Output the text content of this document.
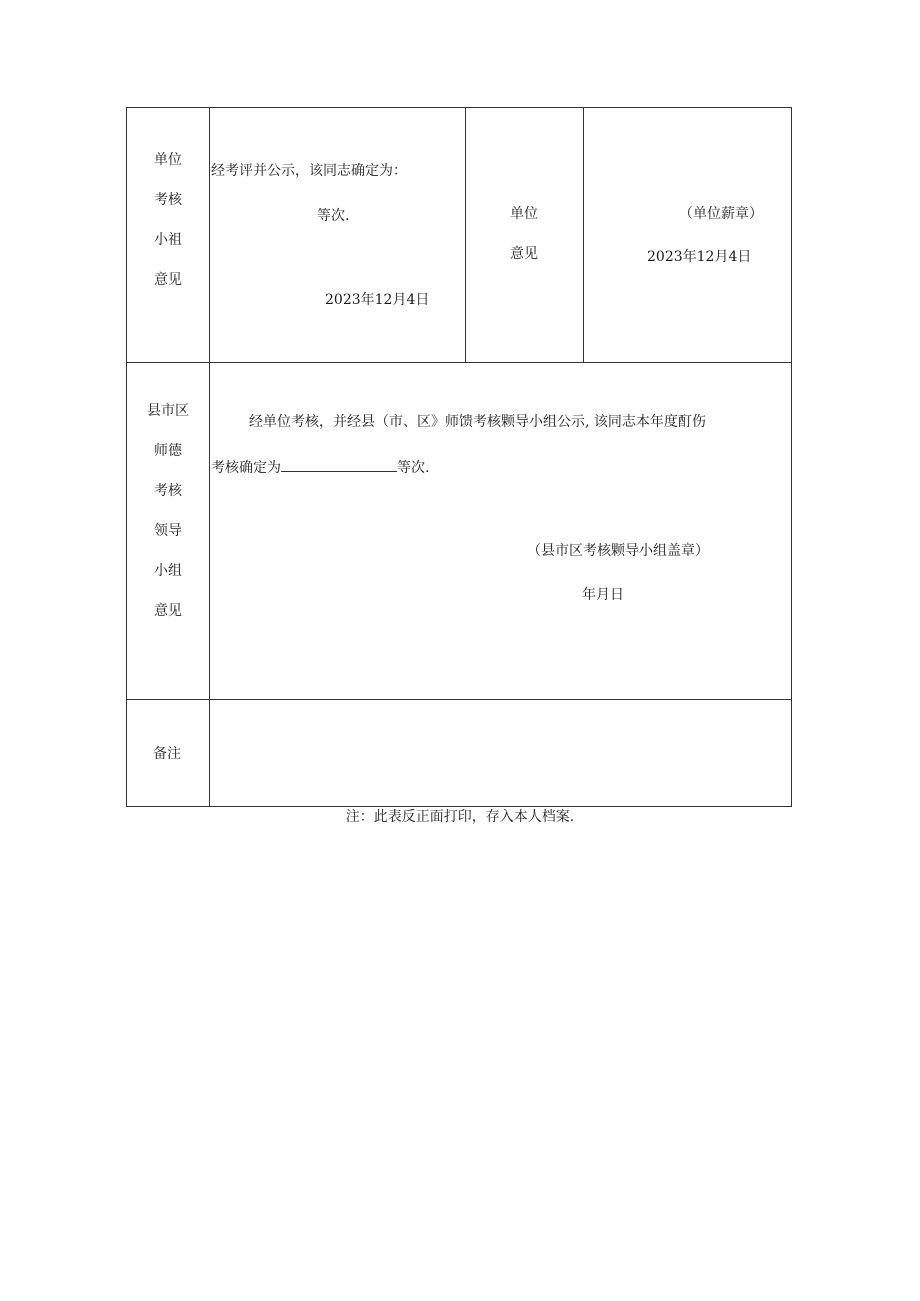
单位
考核
小祖
意见
经考评并公示，该同志确定为：
等次.
2023年12月4日
单位
意见
（单位薪章）
2023年12月4日
县市区
师德
考核
领导
小组
意见
经单位考核，并经县（市、区》师馈考核颗导小组公示, 该同志本年度酊伤
考核确定为	等次.
（县市区考核颗导小组盖章）
年月日
备注
注：此表反正面打印，存入本人档案.
